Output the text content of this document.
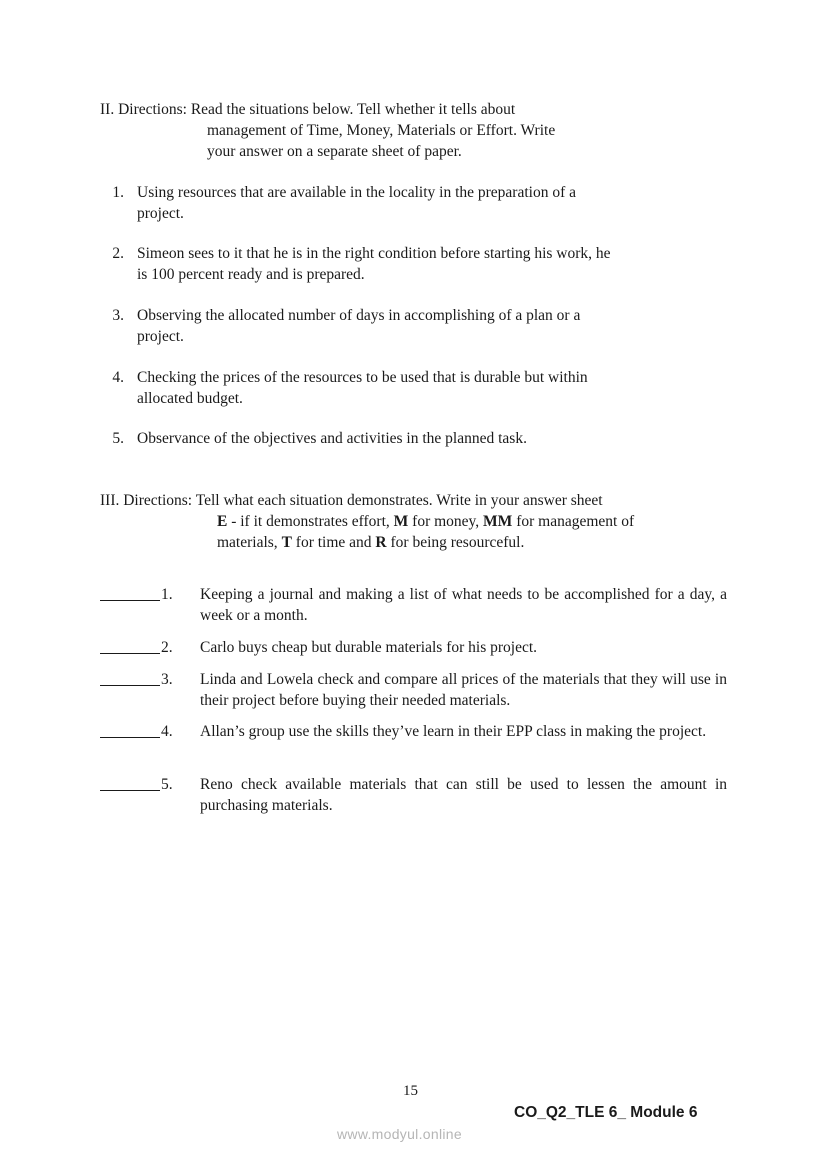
II. Directions: Read the situations below. Tell whether it tells about
management of Time, Money, Materials or Effort. Write
your answer on a separate sheet of paper.
1. Using resources that are available in the locality in the preparation of a
project.
2. Simeon sees to it that he is in the right condition before starting his work, he
is 100 percent ready and is prepared.
3. Observing the allocated number of days in accomplishing of a plan or a
project.
4. Checking the prices of the resources to be used that is durable but within
allocated budget.
5. Observance of the objectives and activities in the planned task.
III. Directions: Tell what each situation demonstrates. Write in your answer sheet
E - if it demonstrates effort, M for money, MM for management of
materials, T for time and R for being resourceful.
1. Keeping a journal and making a list of what needs to be accomplished for a day, a week or a month.
2. Carlo buys cheap but durable materials for his project.
3. Linda and Lowela check and compare all prices of the materials that they will use in their project before buying their needed materials.
4. Allan’s group use the skills they’ve learn in their EPP class in making the project.
5. Reno check available materials that can still be used to lessen the amount in purchasing materials.
15
CO_Q2_TLE 6_ Module 6
www.modyul.online
